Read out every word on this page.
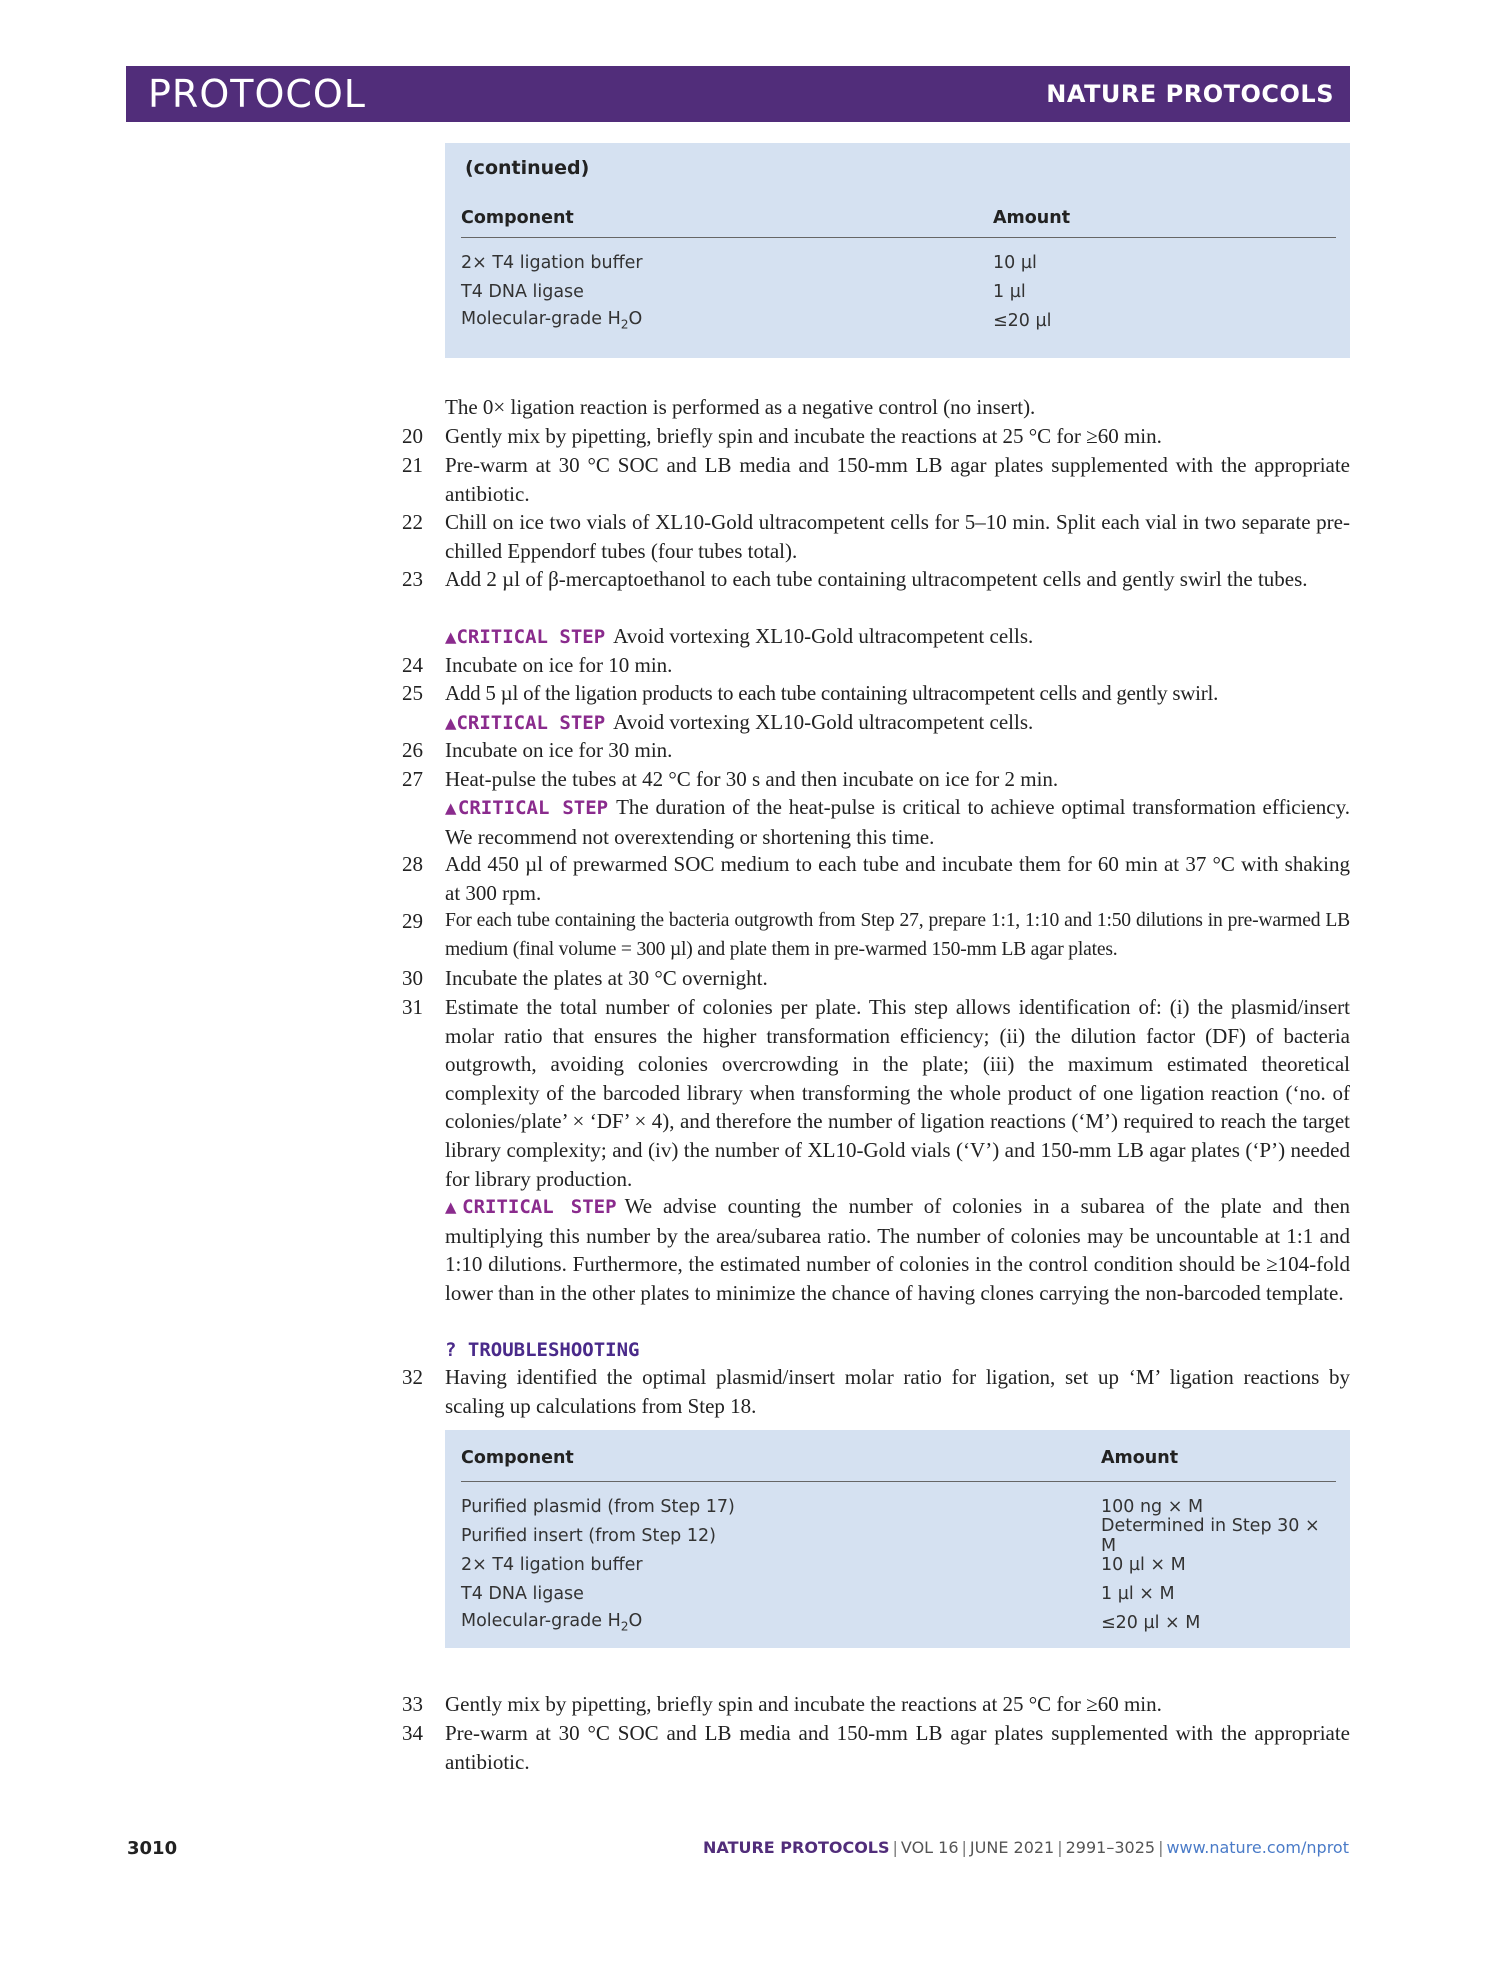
PROTOCOL	NATURE PROTOCOLS
(continued)
Component	Amount
2× T4 ligation buffer	10 µl
T4 DNA ligase	1 µl
Molecular-grade $H_2O$	≤20 µl
The 0× ligation reaction is performed as a negative control (no insert).
20 Gently mix by pipetting, briefly spin and incubate the reactions at 25 °C for ≥60 min.
21 Pre-warm at 30 °C SOC and LB media and 150-mm LB agar plates supplemented with the appropriate antibiotic.
22 Chill on ice two vials of XL10-Gold ultracompetent cells for 5–10 min. Split each vial in two separate pre-chilled Eppendorf tubes (four tubes total).
23 Add 2 µl of β-mercaptoethanol to each tube containing ultracompetent cells and gently swirl the tubes.
▲CRITICAL STEP Avoid vortexing XL10-Gold ultracompetent cells.
24 Incubate on ice for 10 min.
25 Add 5 µl of the ligation products to each tube containing ultracompetent cells and gently swirl.
▲CRITICAL STEP Avoid vortexing XL10-Gold ultracompetent cells.
26 Incubate on ice for 30 min.
27 Heat-pulse the tubes at 42 °C for 30 s and then incubate on ice for 2 min.
▲CRITICAL STEP The duration of the heat-pulse is critical to achieve optimal transformation efficiency. We recommend not overextending or shortening this time.
28 Add 450 µl of prewarmed SOC medium to each tube and incubate them for 60 min at 37 °C with shaking at 300 rpm.
29 For each tube containing the bacteria outgrowth from Step 27, prepare 1:1, 1:10 and 1:50 dilutions in pre-warmed LB medium (final volume = 300 µl) and plate them in pre-warmed 150-mm LB agar plates.
30 Incubate the plates at 30 °C overnight.
31 Estimate the total number of colonies per plate. This step allows identification of: (i) the plasmid/insert molar ratio that ensures the higher transformation efficiency; (ii) the dilution factor (DF) of bacteria outgrowth, avoiding colonies overcrowding in the plate; (iii) the maximum estimated theoretical complexity of the barcoded library when transforming the whole product of one ligation reaction (‘no. of colonies/plate’ × ‘DF’ × 4), and therefore the number of ligation reactions (‘M’) required to reach the target library complexity; and (iv) the number of XL10-Gold vials (‘V’) and 150-mm LB agar plates (‘P’) needed for library production.
▲CRITICAL STEP We advise counting the number of colonies in a subarea of the plate and then multiplying this number by the area/subarea ratio. The number of colonies may be uncountable at 1:1 and 1:10 dilutions. Furthermore, the estimated number of colonies in the control condition should be ≥104-fold lower than in the other plates to minimize the chance of having clones carrying the non-barcoded template.
? TROUBLESHOOTING
32 Having identified the optimal plasmid/insert molar ratio for ligation, set up ‘M’ ligation reactions by scaling up calculations from Step 18.
Component	Amount
Purified plasmid (from Step 17)	100 ng × M
Purified insert (from Step 12)	Determined in Step 30 × M
2× T4 ligation buffer	10 µl × M
T4 DNA ligase	1 µl × M
Molecular-grade $H_2O$	≤20 µl × M
33 Gently mix by pipetting, briefly spin and incubate the reactions at 25 °C for ≥60 min.
34 Pre-warm at 30 °C SOC and LB media and 150-mm LB agar plates supplemented with the appropriate antibiotic.
3010	NATURE PROTOCOLS | VOL 16 | JUNE 2021 | 2991–3025 | www.nature.com/nprot
